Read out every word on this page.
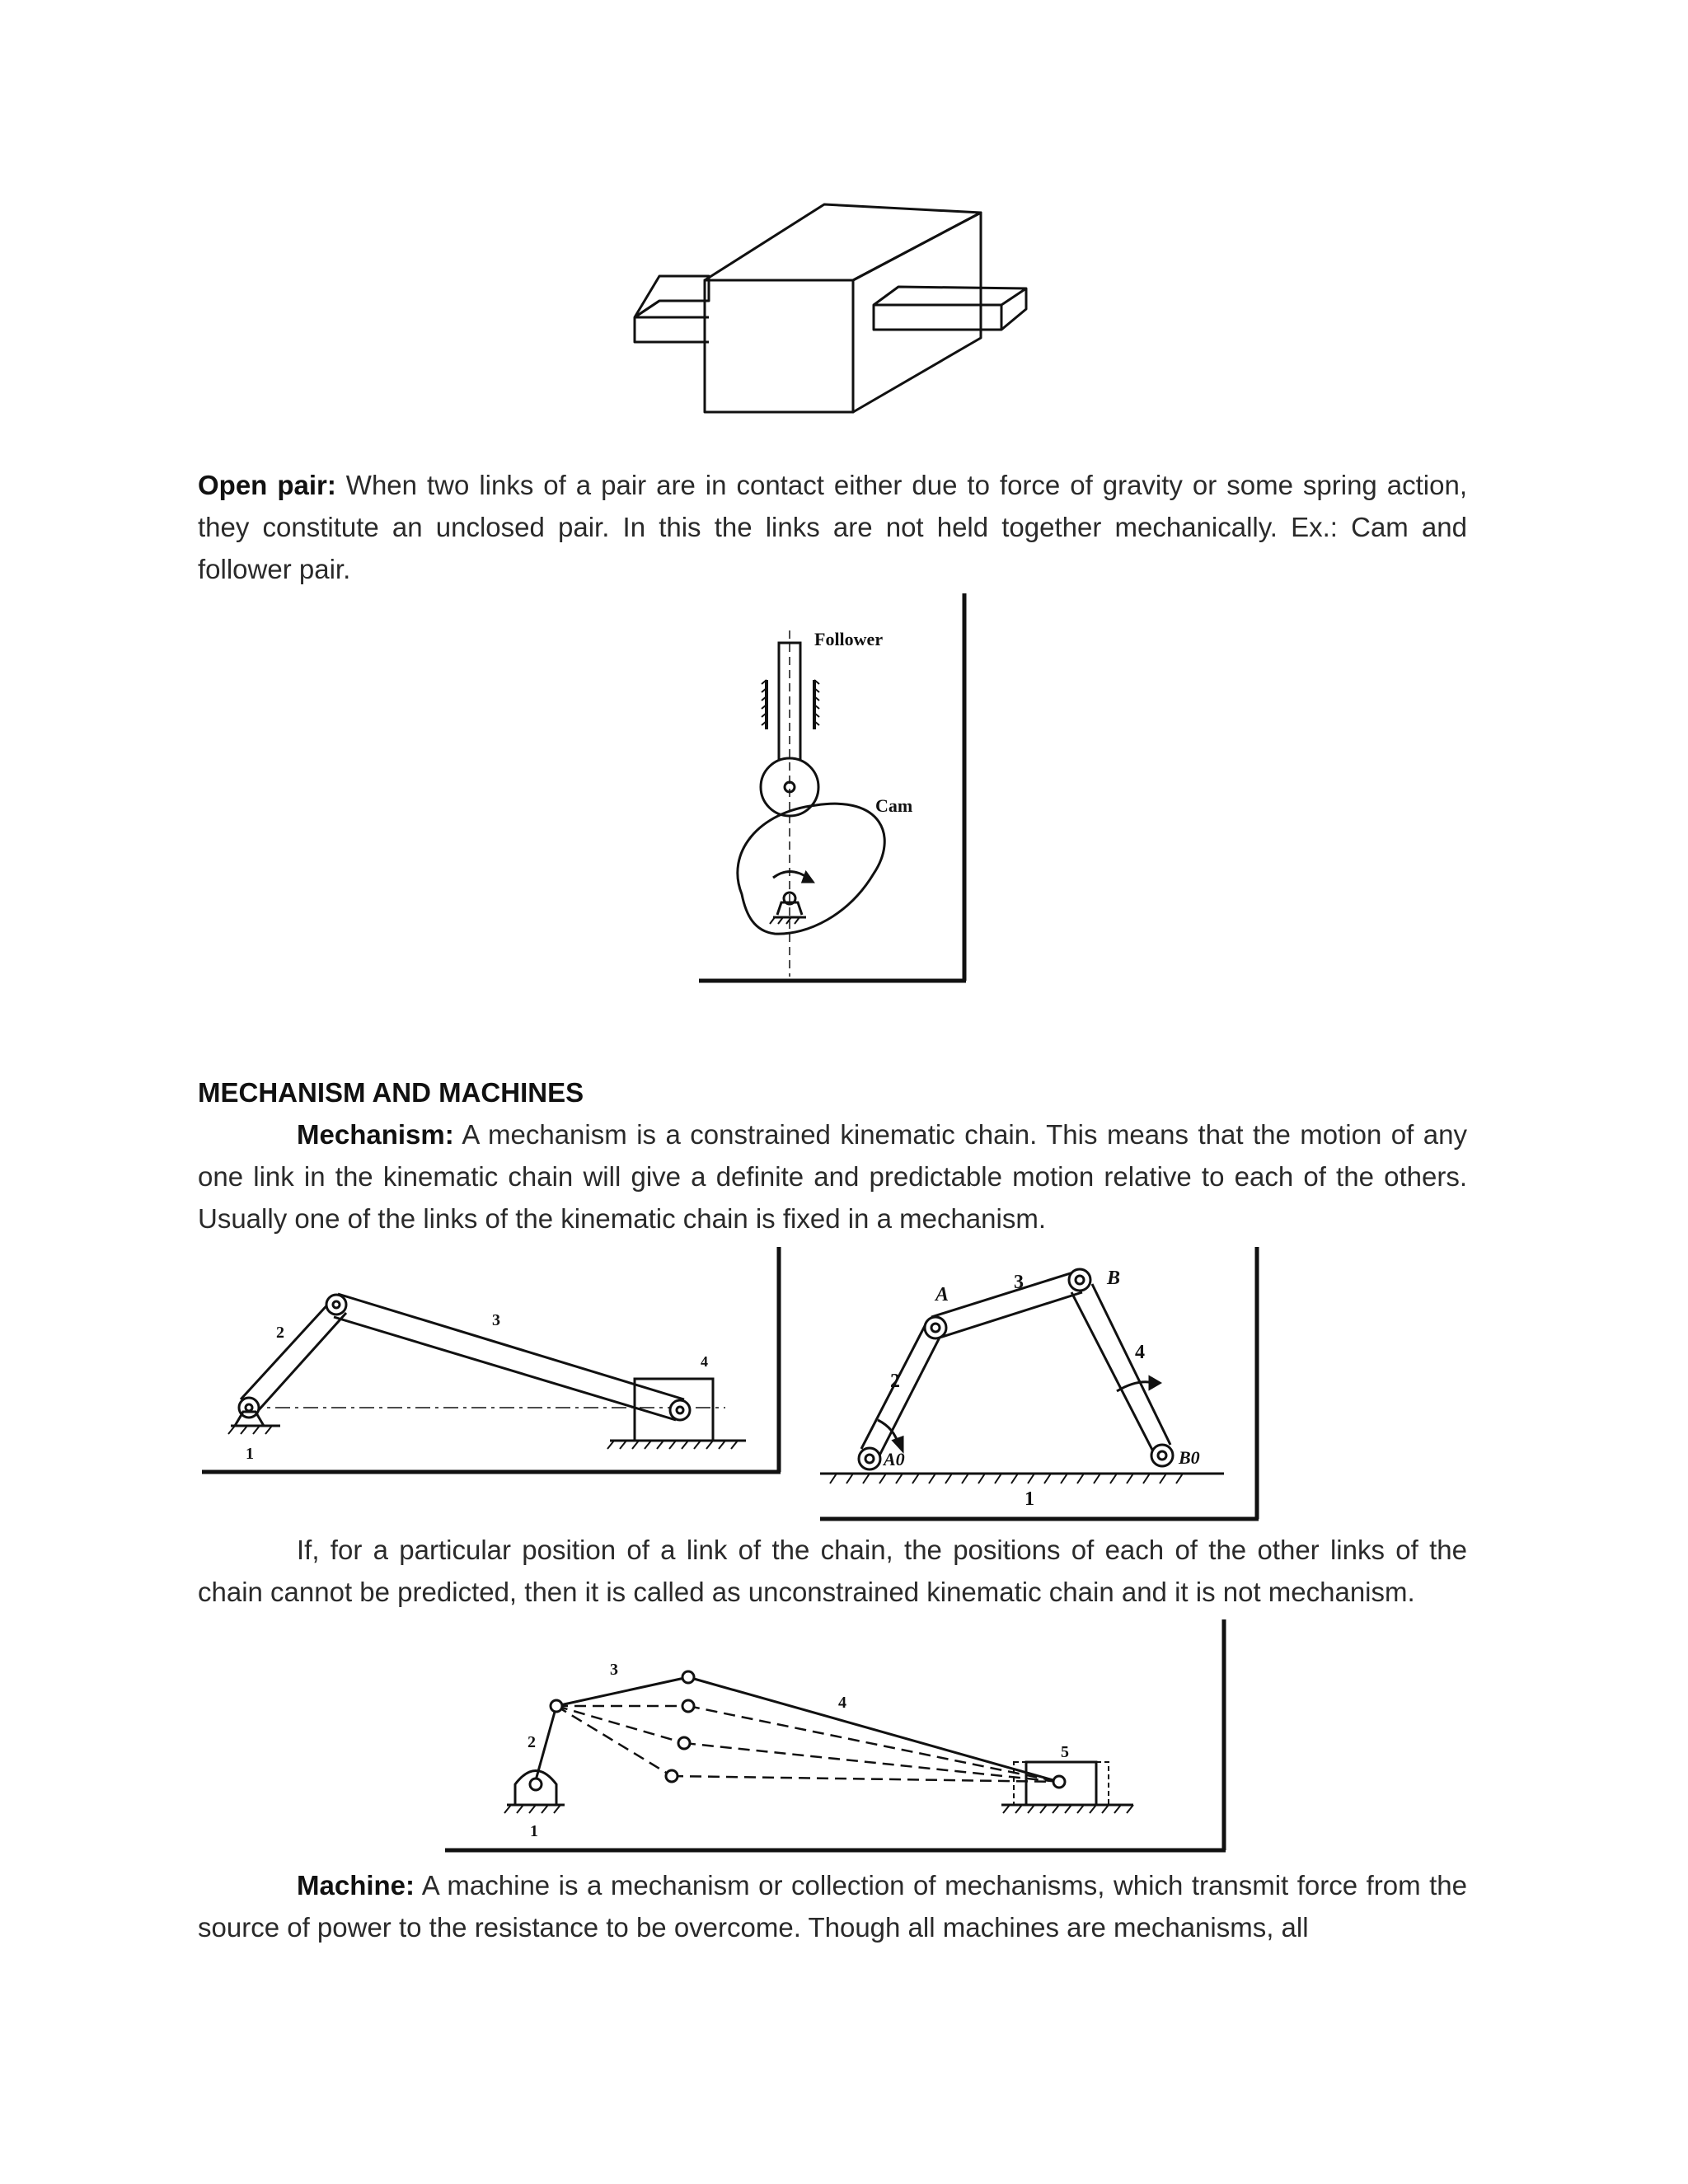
Open pair: When two links of a pair are in contact either due to force of gravity or some spring action, they constitute an unclosed pair. In this the links are not held together mechanically. Ex.: Cam and follower pair.
Follower
Cam
MECHANISM AND MACHINES
Mechanism: A mechanism is a constrained kinematic chain. This means that the motion of any one link in the kinematic chain will give a definite and predictable motion relative to each of the others. Usually one of the links of the kinematic chain is fixed in a mechanism.
2
3
4
1
A
3	B
2
4
A0	B0
1
If, for a particular position of a link of the chain, the positions of each of the other links of the chain cannot be predicted, then it is called as unconstrained kinematic chain and it is not mechanism.
3
4
2
5
1
Machine: A machine is a mechanism or collection of mechanisms, which transmit force from the source of power to the resistance to be overcome. Though all machines are mechanisms, all
